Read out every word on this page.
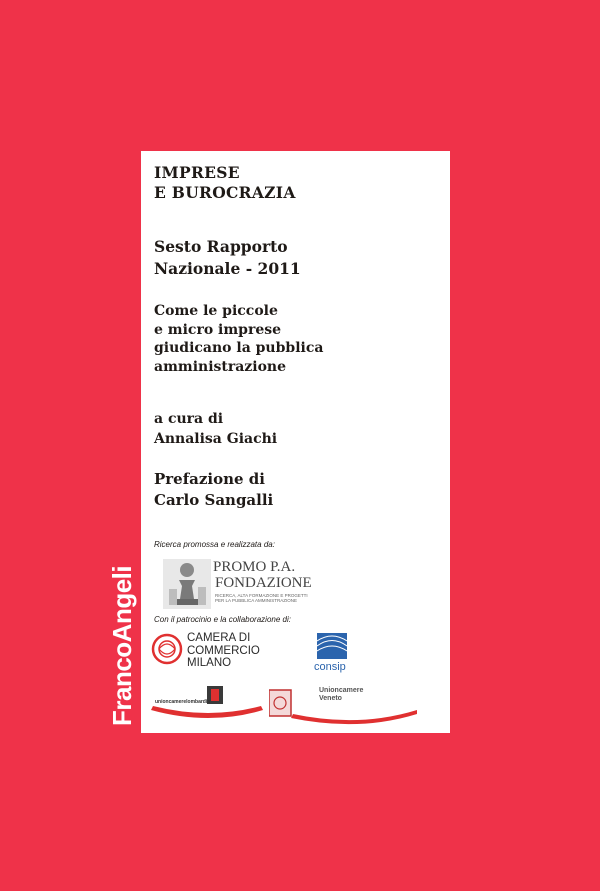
IMPRESE
E BUROCRAZIA
Sesto Rapporto
Nazionale - 2011
Come le piccole
e micro imprese
giudicano la pubblica
amministrazione
a cura di
Annalisa Giachi
Prefazione di
Carlo Sangalli
Ricerca promossa e realizzata da:
PROMO P.A.
FONDAZIONE
RICERCA, ALTA FORMAZIONE E PROGETTI
PER LA PUBBLICA AMMINISTRAZIONE
Con il patrocinio e la collaborazione di:
CAMERA DI
COMMERCIO
MILANO	consip
unioncamerelombardia
Unioncamere
Veneto
FrancoAngeli
